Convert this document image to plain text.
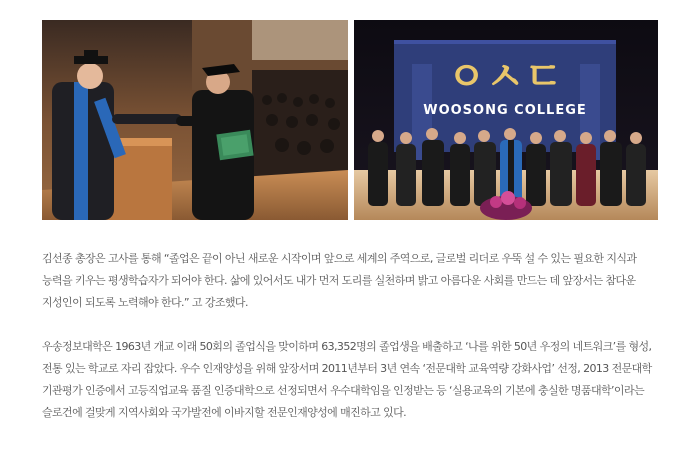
ㅇㅅㄷ
WOOSONG COLLEGE

김선종 총장은 고사를 통해 “졸업은 끝이 아닌 새로운 시작이며 앞으로 세계의 주역으로, 글로벌 리더로 우뚝 설 수 있는 필요한 지식과
능력을 키우는 평생학습자가 되어야 한다. 삶에 있어서도 내가 먼저 도리를 실천하며 밝고 아름다운 사회를 만드는 데 앞장서는 참다운
지성인이 되도록 노력해야 한다.” 고 강조했다.

우송정보대학은 1963년 개교 이래 50회의 졸업식을 맞이하며 63,352명의 졸업생을 배출하고 ‘나를 위한 50년 우정의 네트워크’를 형성,
전통 있는 학교로 자리 잡았다. 우수 인재양성을 위해 앞장서며 2011년부터 3년 연속 ‘전문대학 교육역량 강화사업’ 선정, 2013 전문대학
기관평가 인증에서 고등직업교육 품질 인증대학으로 선정되면서 우수대학임을 인정받는 등 ‘실용교육의 기본에 충실한 명품대학’이라는
슬로건에 걸맞게 지역사회와 국가발전에 이바지할 전문인재양성에 매진하고 있다.
